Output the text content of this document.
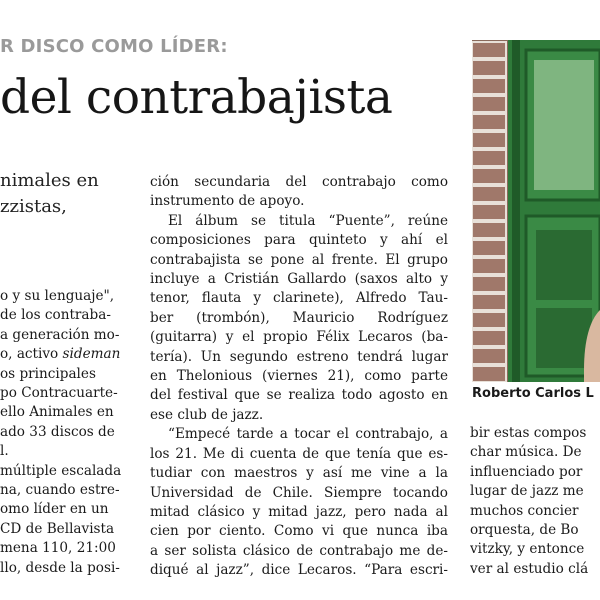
R DISCO COMO LÍDER:
del contrabajista
nimales en
zzistas,
o y su lenguaje",
de los contraba-
a generación mo-
o, activo sideman
os principales
po Contracuarte-
ello Animales en
ado 33 discos de
l.
múltiple escalada
na, cuando estre-
omo líder en un
CD de Bellavista
mena 110, 21:00
llo, desde la posi-
ción secundaria del contrabajo como
instrumento de apoyo.
El álbum se titula “Puente”, reúne
composiciones para quinteto y ahí el
contrabajista se pone al frente. El grupo
incluye a Cristián Gallardo (saxos alto y
tenor, flauta y clarinete), Alfredo Tau-
ber (trombón), Mauricio Rodríguez
(guitarra) y el propio Félix Lecaros (ba-
tería). Un segundo estreno tendrá lugar
en Thelonious (viernes 21), como parte
del festival que se realiza todo agosto en
ese club de jazz.
“Empecé tarde a tocar el contrabajo, a
los 21. Me di cuenta de que tenía que es-
tudiar con maestros y así me vine a la
Universidad de Chile. Siempre tocando
mitad clásico y mitad jazz, pero nada al
cien por ciento. Como vi que nunca iba
a ser solista clásico de contrabajo me de-
diqué al jazz”, dice Lecaros. “Para escri-
bir estas compos
char música. De
influenciado por
lugar de jazz me
muchos concier
orquesta, de Bo
vitzky, y entonce
ver al estudio clá
Roberto Carlos L
